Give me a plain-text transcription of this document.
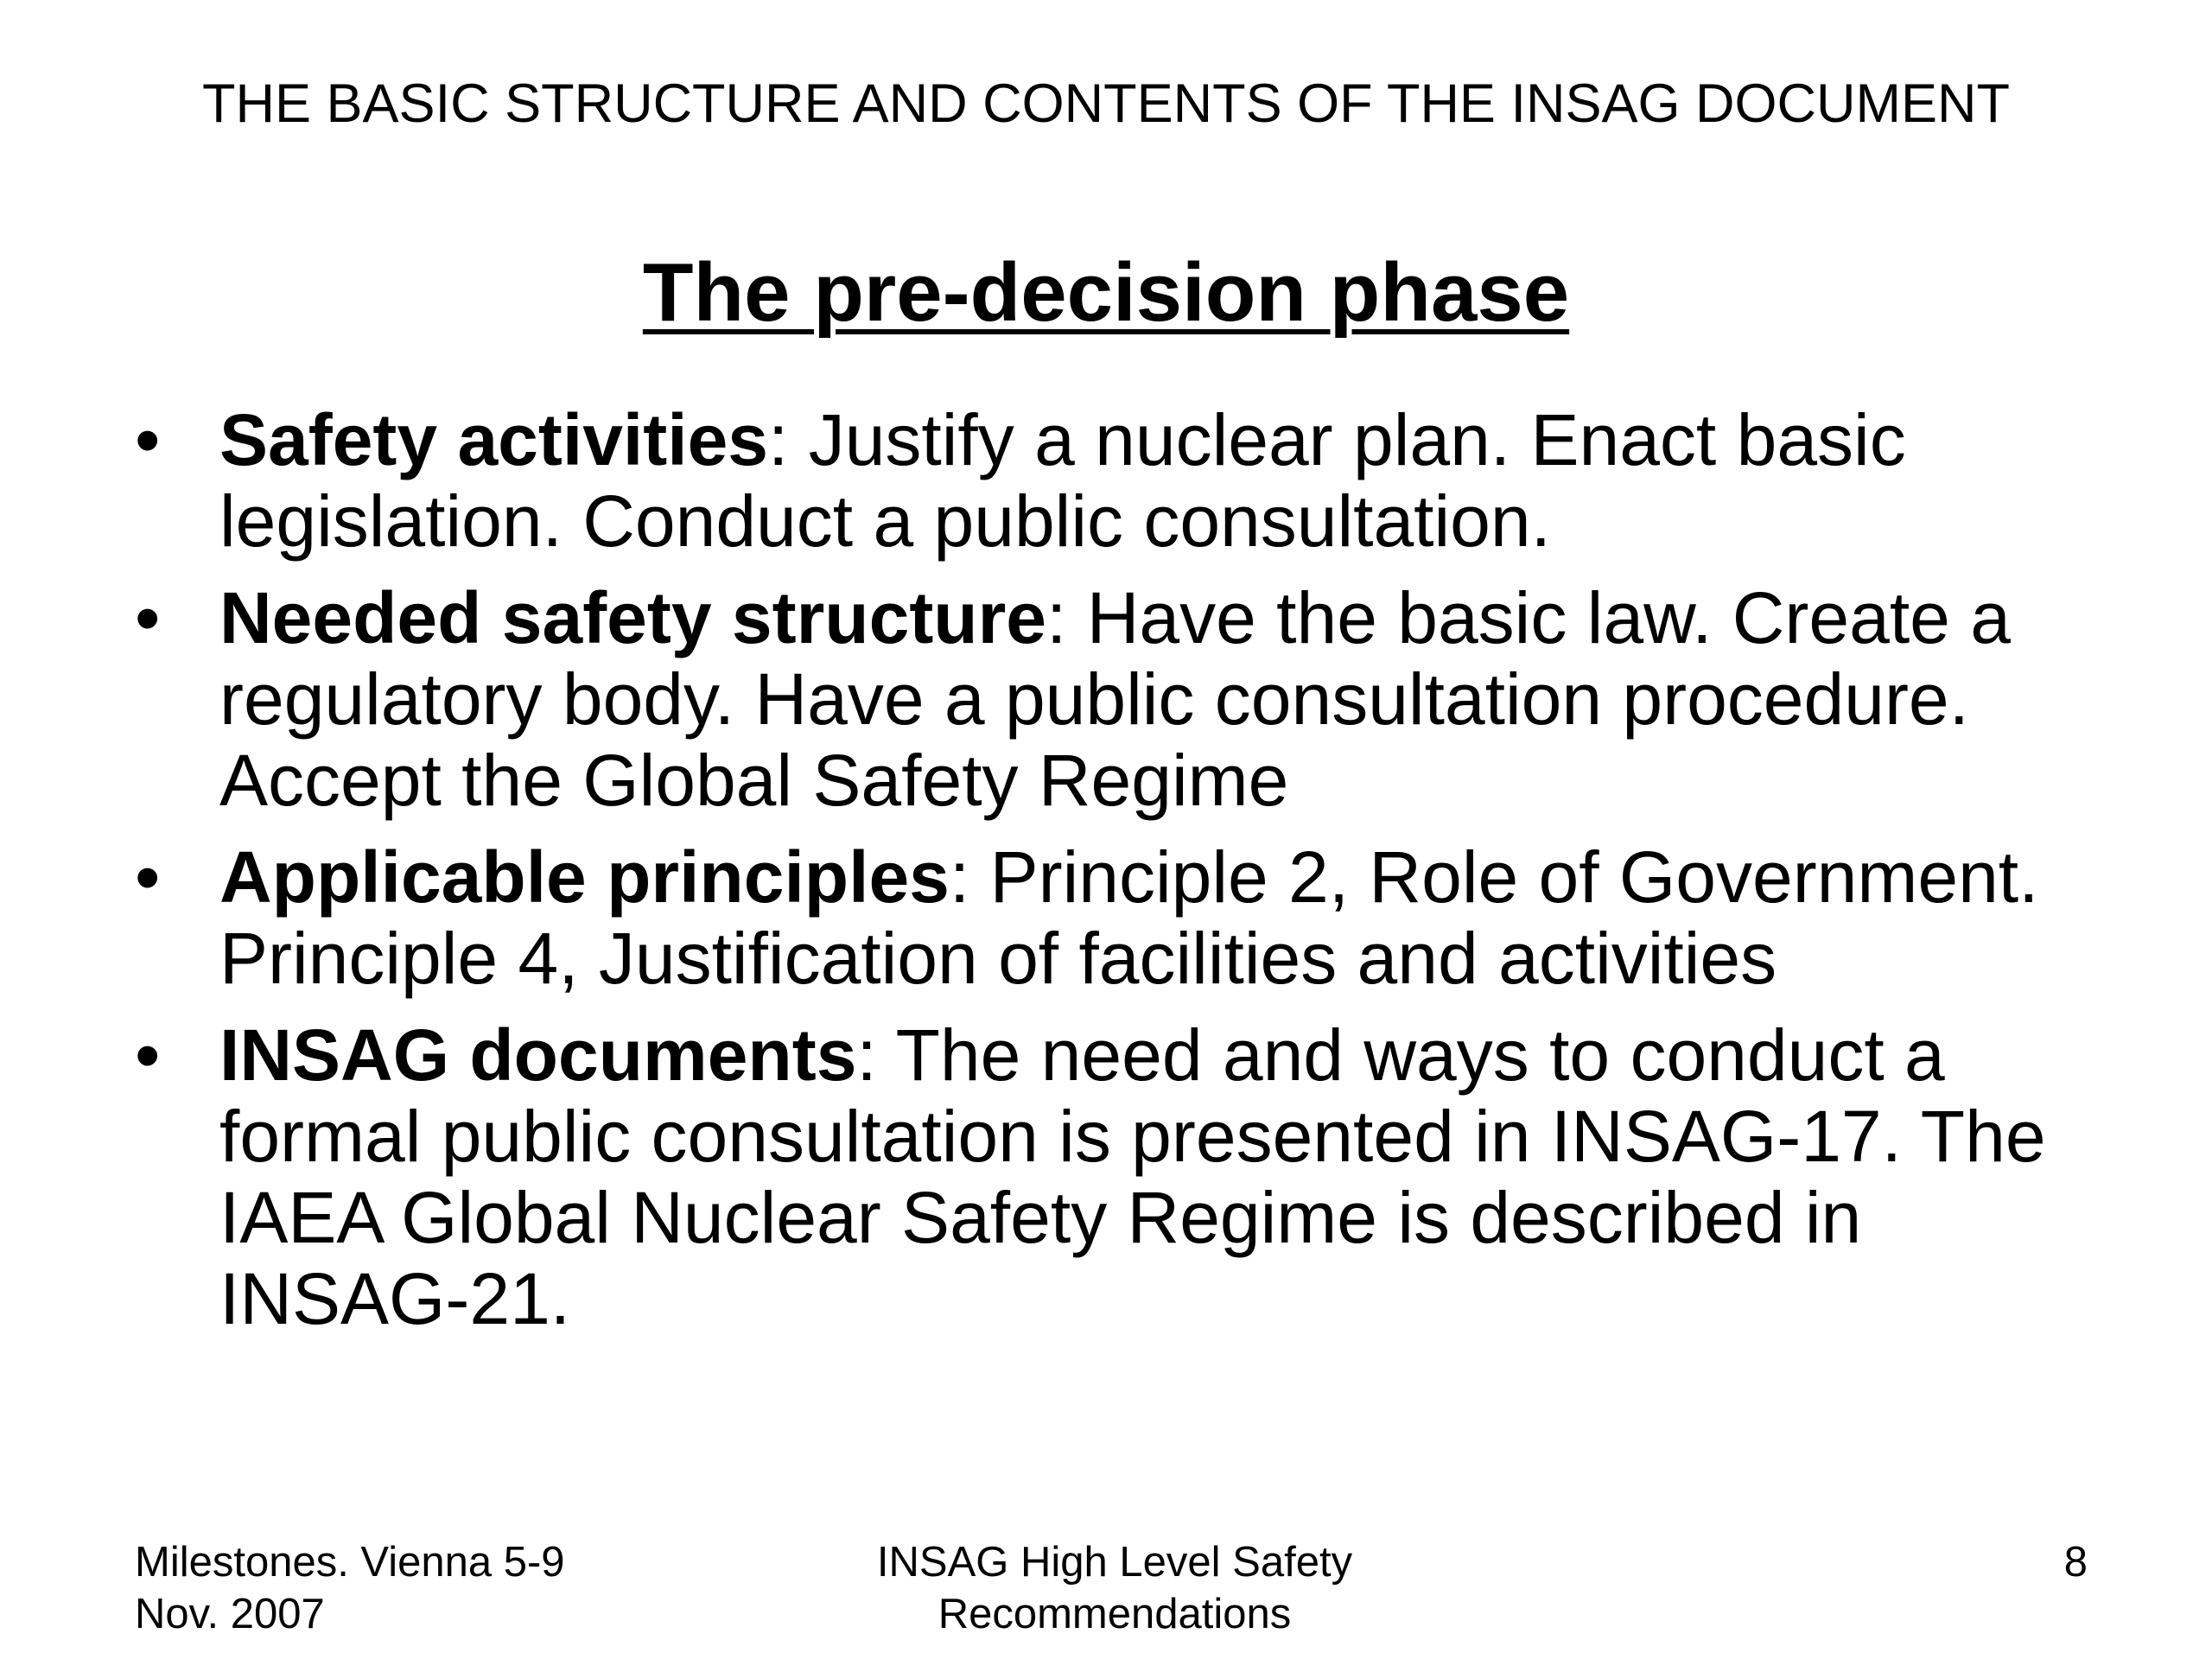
THE BASIC STRUCTURE AND CONTENTS OF THE INSAG DOCUMENT
The pre-decision phase
• Safety activities: Justify a nuclear plan. Enact basic legislation. Conduct a public consultation.
• Needed safety structure: Have the basic law. Create a regulatory body. Have a public consultation procedure. Accept the Global Safety Regime
• Applicable principles: Principle 2, Role of Government. Principle 4, Justification of facilities and activities
• INSAG documents: The need and ways to conduct a formal public consultation is presented in INSAG-17. The IAEA Global Nuclear Safety Regime is described in INSAG-21.
Milestones. Vienna 5-9
Nov. 2007
INSAG High Level Safety
Recommendations
8
